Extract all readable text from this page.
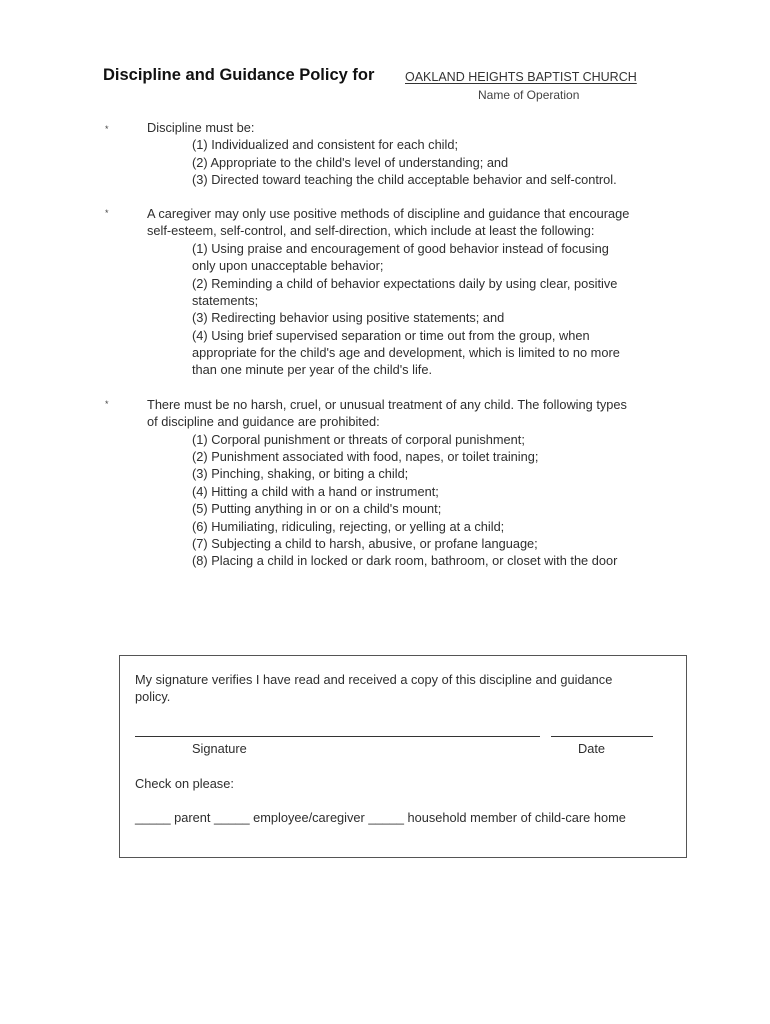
Discipline and Guidance Policy for OAKLAND HEIGHTS BAPTIST CHURCH
Name of Operation
*	Discipline must be:
(1) Individualized and consistent for each child;
(2) Appropriate to the child's level of understanding; and
(3) Directed toward teaching the child acceptable behavior and self-control.
*	A caregiver may only use positive methods of discipline and guidance that encourage
self-esteem, self-control, and self-direction, which include at least the following:
(1) Using praise and encouragement of good behavior instead of focusing
only upon unacceptable behavior;
(2) Reminding a child of behavior expectations daily by using clear, positive
statements;
(3) Redirecting behavior using positive statements; and
(4) Using brief supervised separation or time out from the group, when
appropriate for the child's age and development, which is limited to no more
than one minute per year of the child's life.
*	There must be no harsh, cruel, or unusual treatment of any child. The following types
of discipline and guidance are prohibited:
(1) Corporal punishment or threats of corporal punishment;
(2) Punishment associated with food, napes, or toilet training;
(3) Pinching, shaking, or biting a child;
(4) Hitting a child with a hand or instrument;
(5) Putting anything in or on a child's mount;
(6) Humiliating, ridiculing, rejecting, or yelling at a child;
(7) Subjecting a child to harsh, abusive, or profane language;
(8) Placing a child in locked or dark room, bathroom, or closet with the door
My signature verifies I have read and received a copy of this discipline and guidance
policy.
Signature	Date
Check on please:
_____ parent _____ employee/caregiver _____ household member of child-care home
